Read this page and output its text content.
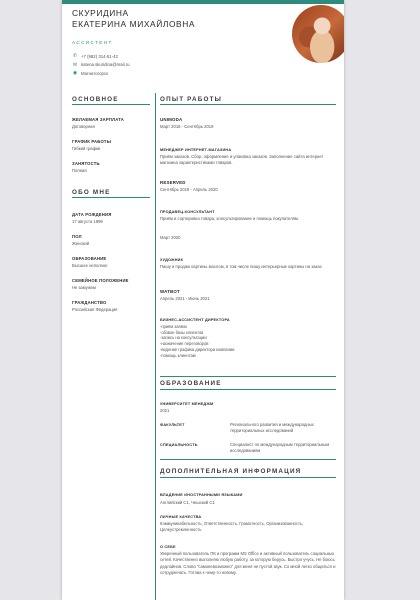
СКУРИДИНА
ЕКАТЕРИНА МИХАЙЛОВНА
АССИСТЕНТ
✆ +7 (982) 314-51-42
✉ katena.skuridina@mail.ru
◉ Магнитогорск
ОСНОВНОЕ
ЖЕЛАЕМАЯ ЗАРПЛАТА
Договорная
ГРАФИК РАБОТЫ
Гибкий график
ЗАНЯТОСТЬ
Полная
ОБО МНЕ
ДАТА РОЖДЕНИЯ
17 августа 1999
ПОЛ
Женский
ОБРАЗОВАНИЕ
Высшее неполное
СЕМЕЙНОЕ ПОЛОЖЕНИЕ
Не замужем
ГРАЖДАНСТВО
Российская Федерация
ОПЫТ РАБОТЫ
UNIMODA
Март 2018 - Сентябрь 2019
МЕНЕДЖЕР ИНТЕРНЕТ-МАГАЗИНА
Приём заказов. Сбор, оформление и упаковка заказов. Заполнение сайта интернет магазина характеристиками товаров.
RESERVED
Сентябрь 2019 - Апрель 2020
ПРОДАВЕЦ-КОНСУЛЬТАНТ
Приём и сортировка товара, консультирование и помощь покупателям.
Март 2020
ХУДОЖНИК
Пишу и продаю картины маслом, в том числе пишу интерьерные картины на заказ
WATBOT
Апрель 2021 - Июнь 2021
БИЗНЕС-АССИСТЕНТ ДИРЕКТОРА
-приём заявок
-обзвон базы клиентов
-запись на консультации
-назначение переговоров
-ведение графика директора компании
-помощь клиентам
ОБРАЗОВАНИЕ
УНИВЕРСИТЕТ МЕНЕДЖМ
2021
ФАКУЛЬТЕТ	Регионального развития и международных территориальных исследований
СПЕЦИАЛЬНОСТЬ	Специалист по международным территориальным исследованиям
ДОПОЛНИТЕЛЬНАЯ ИНФОРМАЦИЯ
ВЛАДЕНИЕ ИНОСТРАННЫМИ ЯЗЫКАМИ
Английский С1, Чешский С1
ЛИЧНЫЕ КАЧЕСТВА
Коммуникабельность, Ответственность, Грамотность, Организованность, Целеустремленность
О СЕБЕ
Уверенный пользователь ПК и программ MS Office и активный пользователь социальных сетей. Качественно выполняю любую работу, за которую берусь. Быстро учусь. Не боюсь дедлайнов. Слово "самоневозможно" для меня не пустой звук. Со мной легко общаться и сотрудничать. Готова к чему-то новому.
